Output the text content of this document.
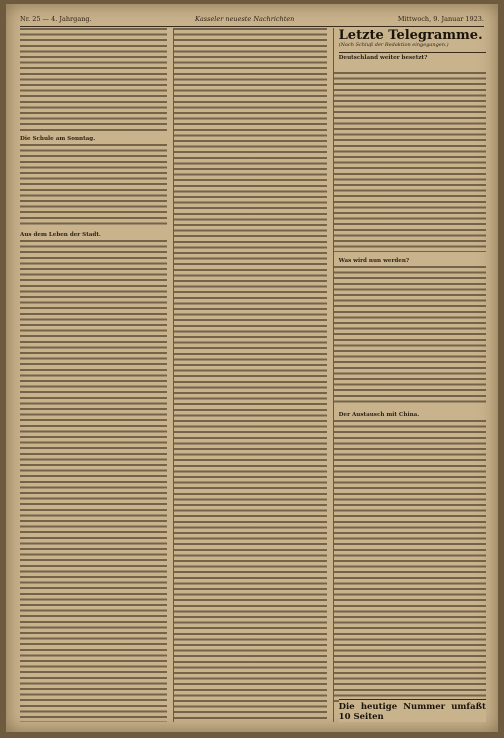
Nr. 25 — 4. Jahrgang.	Kasseler neueste Nachrichten	Mittwoch, 9. Januar 1923.
Die Schule am Sonntag.
Aus dem Leben der Stadt.
Letzte Telegramme.
(Nach Schluß der Redaktion eingegangen.)
Deutschland weiter besetzt?
Was wird nun werden?
Der Austausch mit China.
Die heutige Nummer umfaßt 10 Seiten
